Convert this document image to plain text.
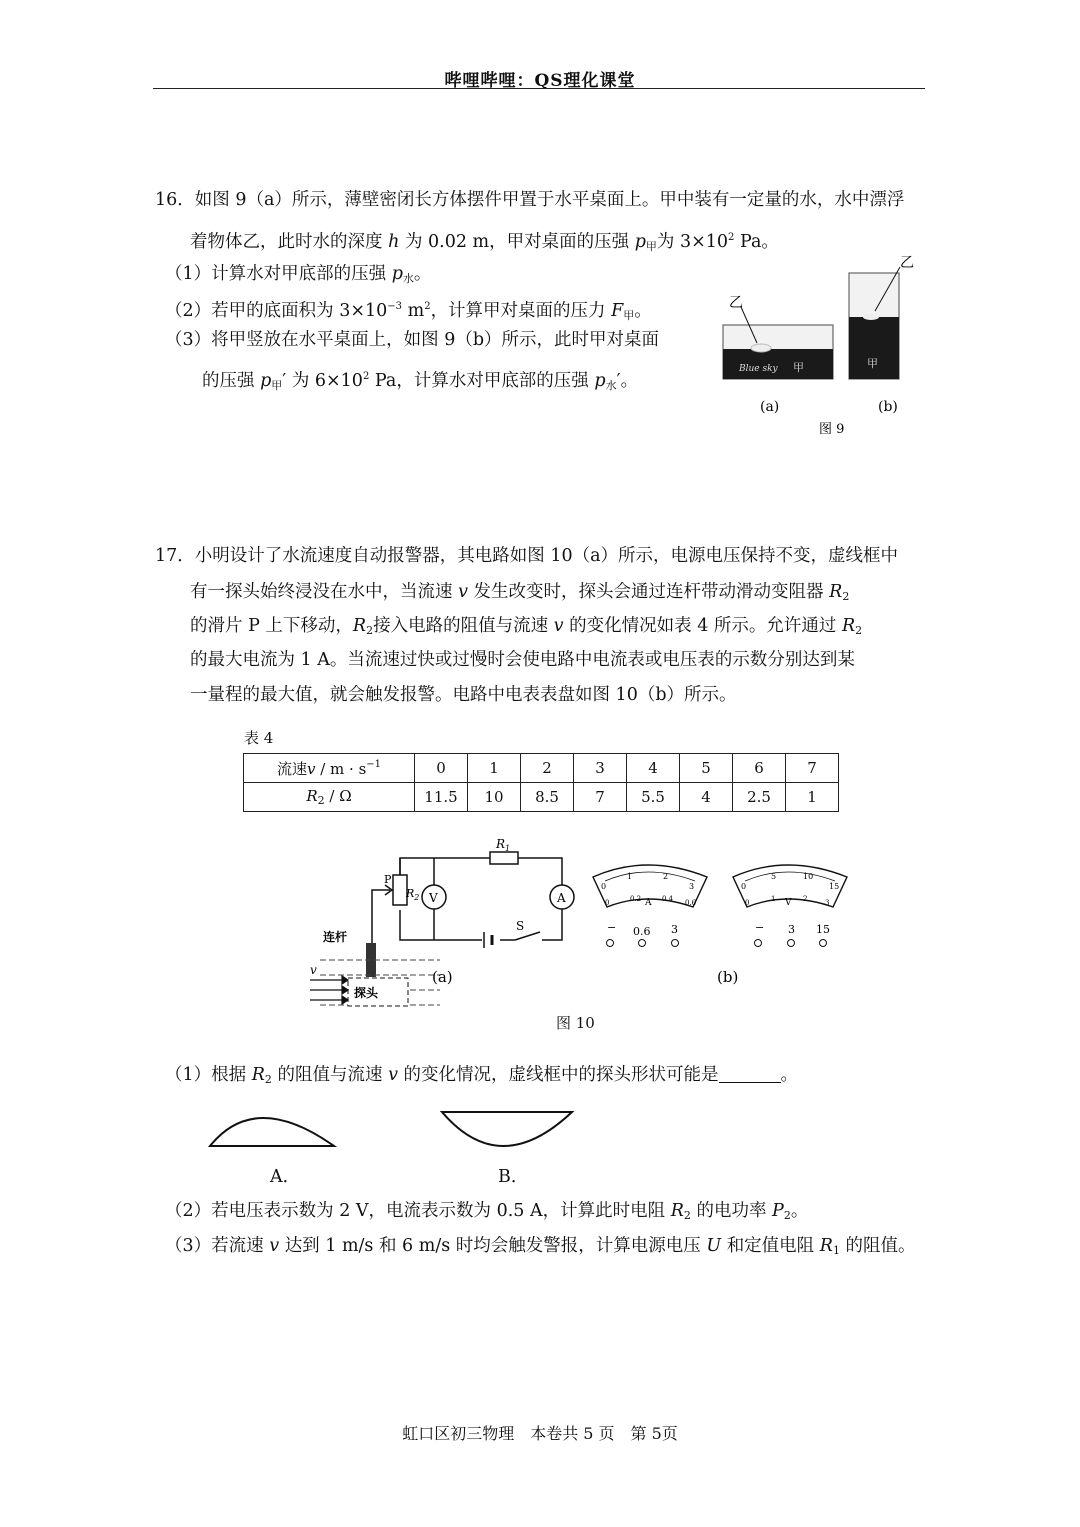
哔哩哔哩：QS理化课堂
16．如图 9（a）所示，薄壁密闭长方体摆件甲置于水平桌面上。甲中装有一定量的水，水中漂浮
着物体乙，此时水的深度 h 为 0.02 m，甲对桌面的压强 $p_甲$为 $3\times 10^2$ Pa。
（1）计算水对甲底部的压强 $p_水$。
（2）若甲的底面积为 $3\times 10^{-3}$ $m^2$，计算甲对桌面的压力 $F_甲$。
（3）将甲竖放在水平桌面上，如图 9（b）所示，此时甲对桌面
的压强 $p_甲'$ 为 $6\times 10^2$ Pa，计算水对甲底部的压强 $p_水'$。
乙
Blue sky 甲
乙
甲
(a)	(b)
图 9
17．小明设计了水流速度自动报警器，其电路如图 10（a）所示，电源电压保持不变，虚线框中
有一探头始终浸没在水中，当流速 v 发生改变时，探头会通过连杆带动滑动变阻器 $R_2$
的滑片 P 上下移动，$R_2$接入电路的阻值与流速 v 的变化情况如表 4 所示。允许通过 $R_2$
的最大电流为 1 A。当流速过快或过慢时会使电路中电流表或电压表的示数分别达到某
一量程的最大值，就会触发报警。电路中电表表盘如图 10（b）所示。
表 4
流速$v / m \cdot s^{-1}$	0	1	2	3	4	5	6	7
$R_2$ / Ω	11.5	10	8.5	7	5.5	4	2.5	1
$R_1$
$R_2$
P
V	A
S
连杆
探头
v	(a)
0
1	2
3
0	0.2	0.4 0.6
A
− 0.6 3
0
5	10
15
0	1	2	3
V
− 3 15
(b)
图 10
（1）根据 $R_2$ 的阻值与流速 v 的变化情况，虚线框中的探头形状可能是	。
A．	B．
（2）若电压表示数为 2 V，电流表示数为 0.5 A，计算此时电阻 $R_2$ 的电功率 $P_2$。
（3）若流速 v 达到 1 m/s 和 6 m/s 时均会触发警报，计算电源电压 U 和定值电阻 $R_1$ 的阻值。
虹口区初三物理　本卷共 5 页　第 5页
